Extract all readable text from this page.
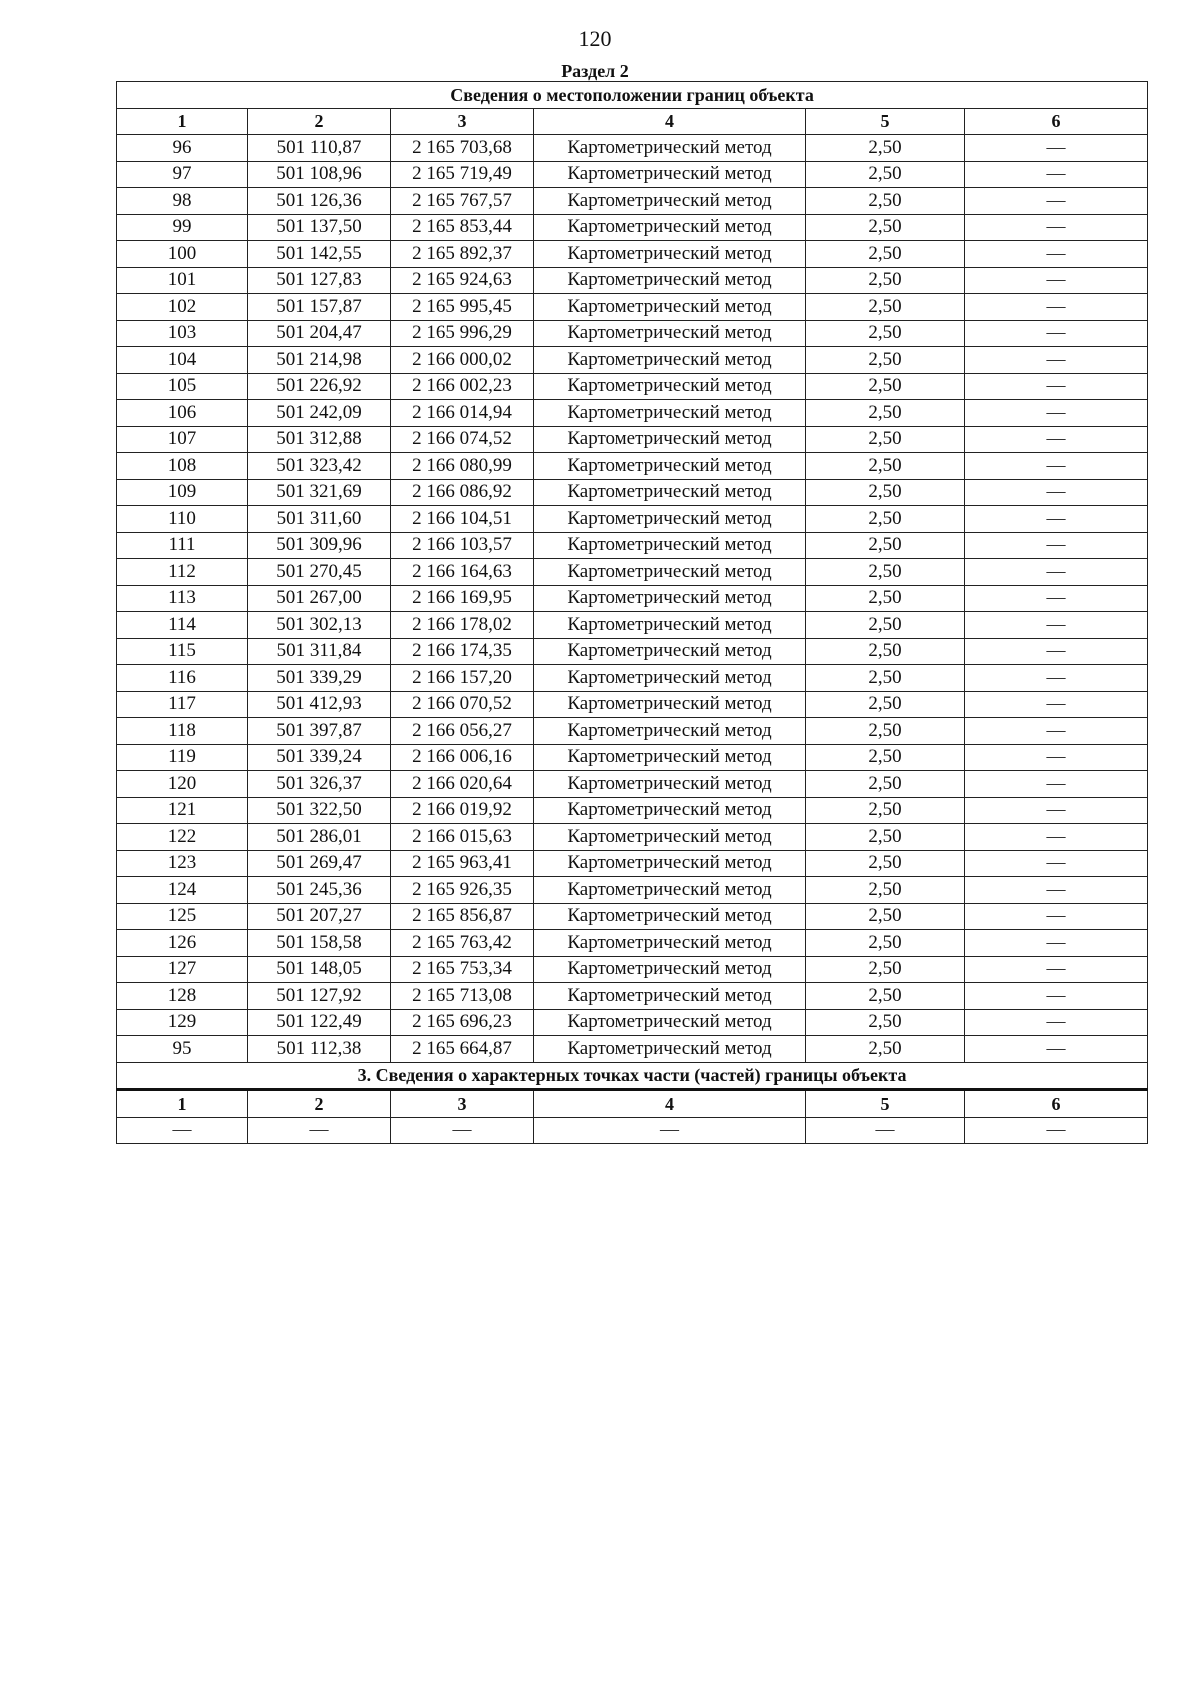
120
Раздел 2
Сведения о местоположении границ объекта					
1	2	3	4	5	6
96	501 110,87	2 165 703,68	Картометрический метод	2,50	—
97	501 108,96	2 165 719,49	Картометрический метод	2,50	—
98	501 126,36	2 165 767,57	Картометрический метод	2,50	—
99	501 137,50	2 165 853,44	Картометрический метод	2,50	—
100	501 142,55	2 165 892,37	Картометрический метод	2,50	—
101	501 127,83	2 165 924,63	Картометрический метод	2,50	—
102	501 157,87	2 165 995,45	Картометрический метод	2,50	—
103	501 204,47	2 165 996,29	Картометрический метод	2,50	—
104	501 214,98	2 166 000,02	Картометрический метод	2,50	—
105	501 226,92	2 166 002,23	Картометрический метод	2,50	—
106	501 242,09	2 166 014,94	Картометрический метод	2,50	—
107	501 312,88	2 166 074,52	Картометрический метод	2,50	—
108	501 323,42	2 166 080,99	Картометрический метод	2,50	—
109	501 321,69	2 166 086,92	Картометрический метод	2,50	—
110	501 311,60	2 166 104,51	Картометрический метод	2,50	—
111	501 309,96	2 166 103,57	Картометрический метод	2,50	—
112	501 270,45	2 166 164,63	Картометрический метод	2,50	—
113	501 267,00	2 166 169,95	Картометрический метод	2,50	—
114	501 302,13	2 166 178,02	Картометрический метод	2,50	—
115	501 311,84	2 166 174,35	Картометрический метод	2,50	—
116	501 339,29	2 166 157,20	Картометрический метод	2,50	—
117	501 412,93	2 166 070,52	Картометрический метод	2,50	—
118	501 397,87	2 166 056,27	Картометрический метод	2,50	—
119	501 339,24	2 166 006,16	Картометрический метод	2,50	—
120	501 326,37	2 166 020,64	Картометрический метод	2,50	—
121	501 322,50	2 166 019,92	Картометрический метод	2,50	—
122	501 286,01	2 166 015,63	Картометрический метод	2,50	—
123	501 269,47	2 165 963,41	Картометрический метод	2,50	—
124	501 245,36	2 165 926,35	Картометрический метод	2,50	—
125	501 207,27	2 165 856,87	Картометрический метод	2,50	—
126	501 158,58	2 165 763,42	Картометрический метод	2,50	—
127	501 148,05	2 165 753,34	Картометрический метод	2,50	—
128	501 127,92	2 165 713,08	Картометрический метод	2,50	—
129	501 122,49	2 165 696,23	Картометрический метод	2,50	—
95	501 112,38	2 165 664,87	Картометрический метод	2,50	—
3. Сведения о характерных точках части (частей) границы объекта					
1	2	3	4	5	6
—	—	—	—	—	—
